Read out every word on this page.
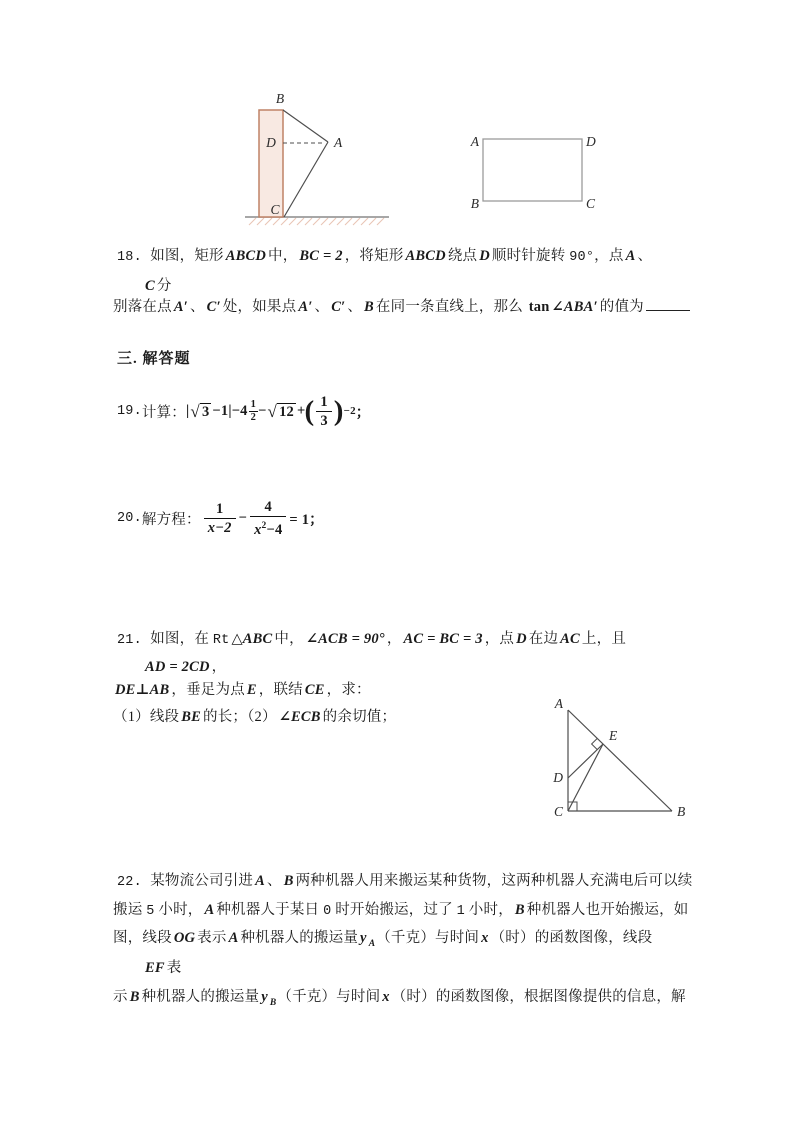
B
D	A
C
A	D
B	C
18. 如图，矩形 ABCD 中， BC = 2 ，将矩形 ABCD 绕点 D 顺时针旋转 90°，点 A 、
C 分
别落在点 A′ 、 C′ 处，如果点 A′ 、 C′ 、 B 在同一条直线上，那么 tan ∠ABA′ 的值为
三. 解答题
19. 计算： | √ $3 -1|-4 \frac{1}{2}$ − √ 12 + ( $\frac{1}{3}$ ) −2 ；
20. 解方程： $\frac{1}{x-2} - \frac{4}{x^2-4} = 1$；
21. 如图，在 Rt △ABC 中， ∠ACB = 90° ， AC = BC = 3 ，点 D 在边 AC 上，且
AD = 2CD ，
DE⊥AB ，垂足为点 E ，联结 CE ，求：
（1）线段 BE 的长；（2） ∠ECB 的余切值；
A
E
D
C	B
22. 某物流公司引进 A 、 B 两种机器人用来搬运某种货物，这两种机器人充满电后可以续
搬运 5 小时， A 种机器人于某日 0 时开始搬运，过了 1 小时， B 种机器人也开始搬运，如
图，线段 OG 表示 A 种机器人的搬运量 y $_A$（千克）与时间 x （时）的函数图像，线段
EF 表
示 B 种机器人的搬运量 y $_B$（千克）与时间 x （时）的函数图像，根据图像提供的信息，解
